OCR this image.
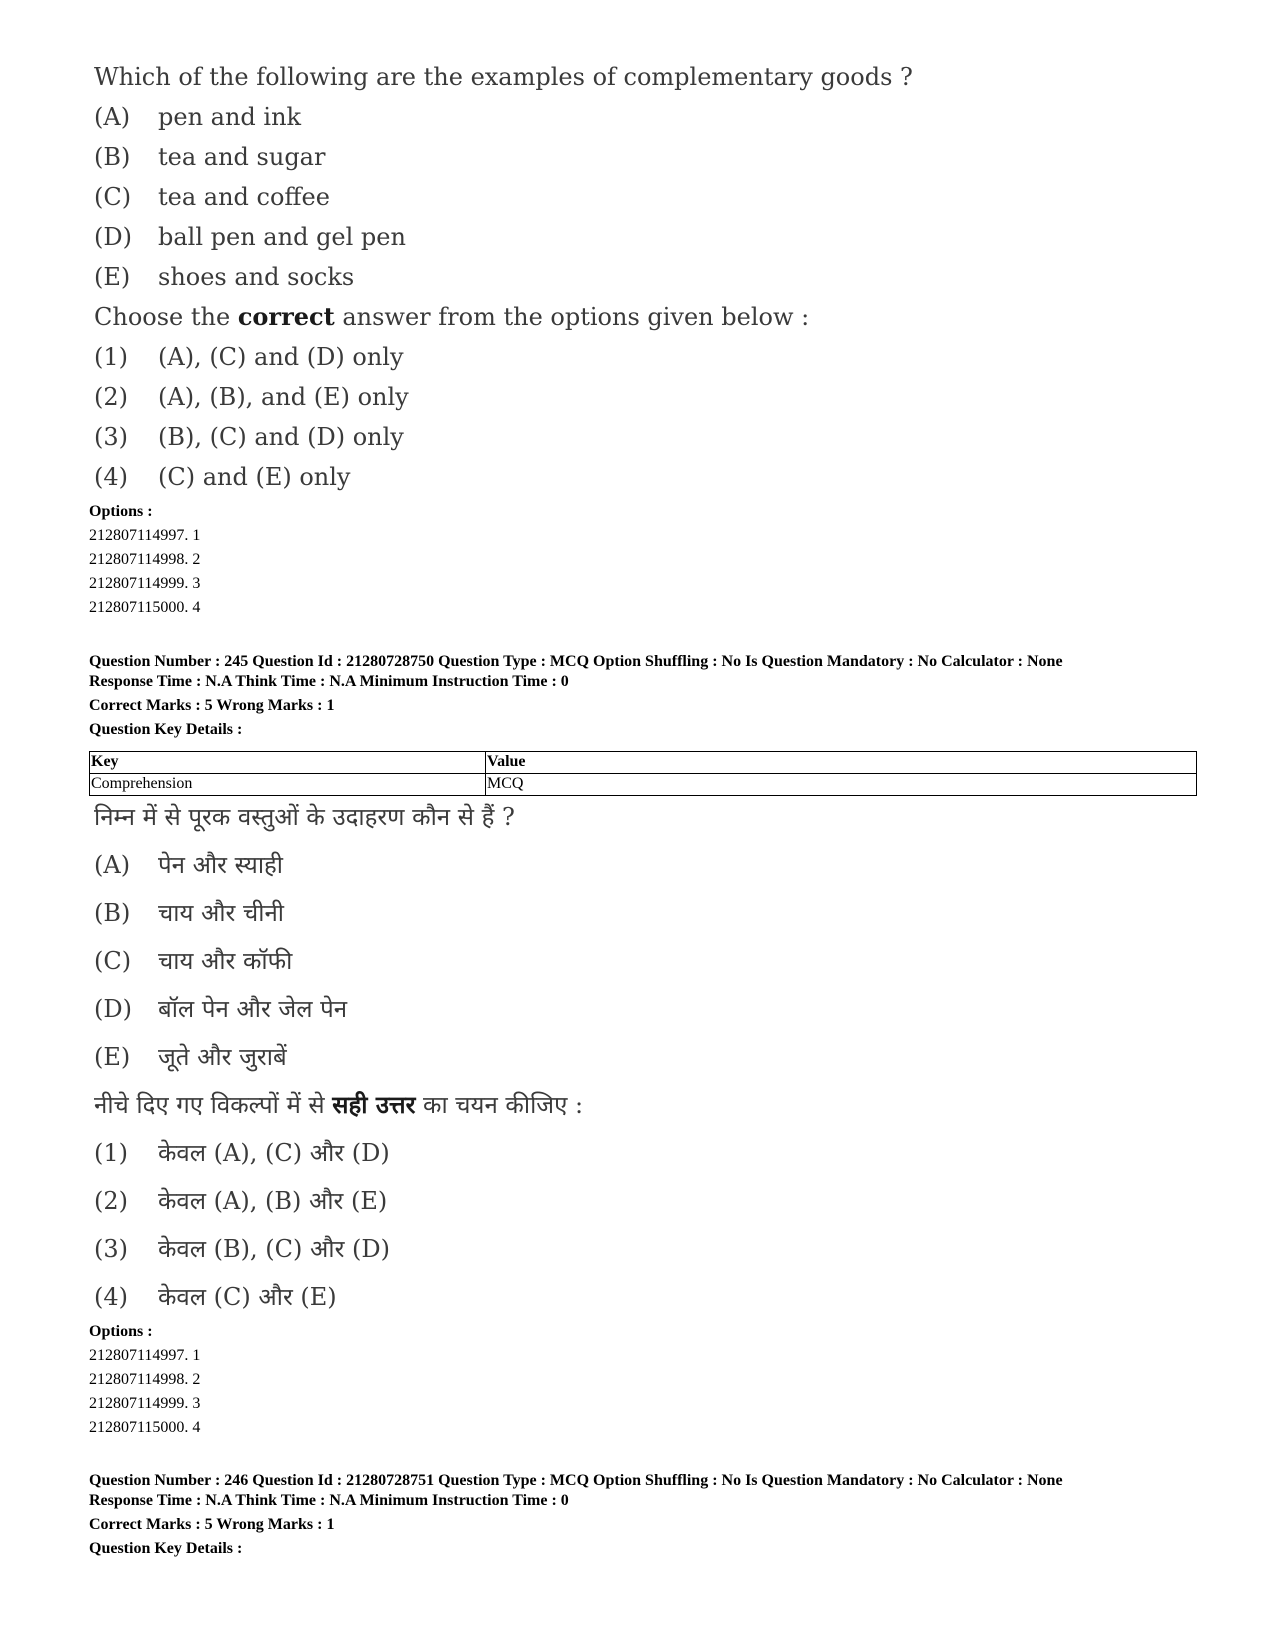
Which of the following are the examples of complementary goods ?
(A)	pen and ink
(B)	tea and sugar
(C)	tea and coffee
(D)	ball pen and gel pen
(E)	shoes and socks
Choose the correct answer from the options given below :
(1)	(A), (C) and (D) only
(2)	(A), (B), and (E) only
(3)	(B), (C) and (D) only
(4)	(C) and (E) only
Options :
212807114997. 1
212807114998. 2
212807114999. 3
212807115000. 4
Question Number : 245 Question Id : 21280728750 Question Type : MCQ Option Shuffling : No Is Question Mandatory : No Calculator : None
Response Time : N.A Think Time : N.A Minimum Instruction Time : 0
Correct Marks : 5 Wrong Marks : 1
Question Key Details :
Key	Value
Comprehension	MCQ
निम्न में से पूरक वस्तुओं के उदाहरण कौन से हैं ?
(A)	पेन और स्याही
(B)	चाय और चीनी
(C)	चाय और कॉफी
(D)	बॉल पेन और जेल पेन
(E)	जूते और जुराबें
नीचे दिए गए विकल्पों में से सही उत्तर का चयन कीजिए :
(1)	केवल (A), (C) और (D)
(2)	केवल (A), (B) और (E)
(3)	केवल (B), (C) और (D)
(4)	केवल (C) और (E)
Options :
212807114997. 1
212807114998. 2
212807114999. 3
212807115000. 4
Question Number : 246 Question Id : 21280728751 Question Type : MCQ Option Shuffling : No Is Question Mandatory : No Calculator : None
Response Time : N.A Think Time : N.A Minimum Instruction Time : 0
Correct Marks : 5 Wrong Marks : 1
Question Key Details :
